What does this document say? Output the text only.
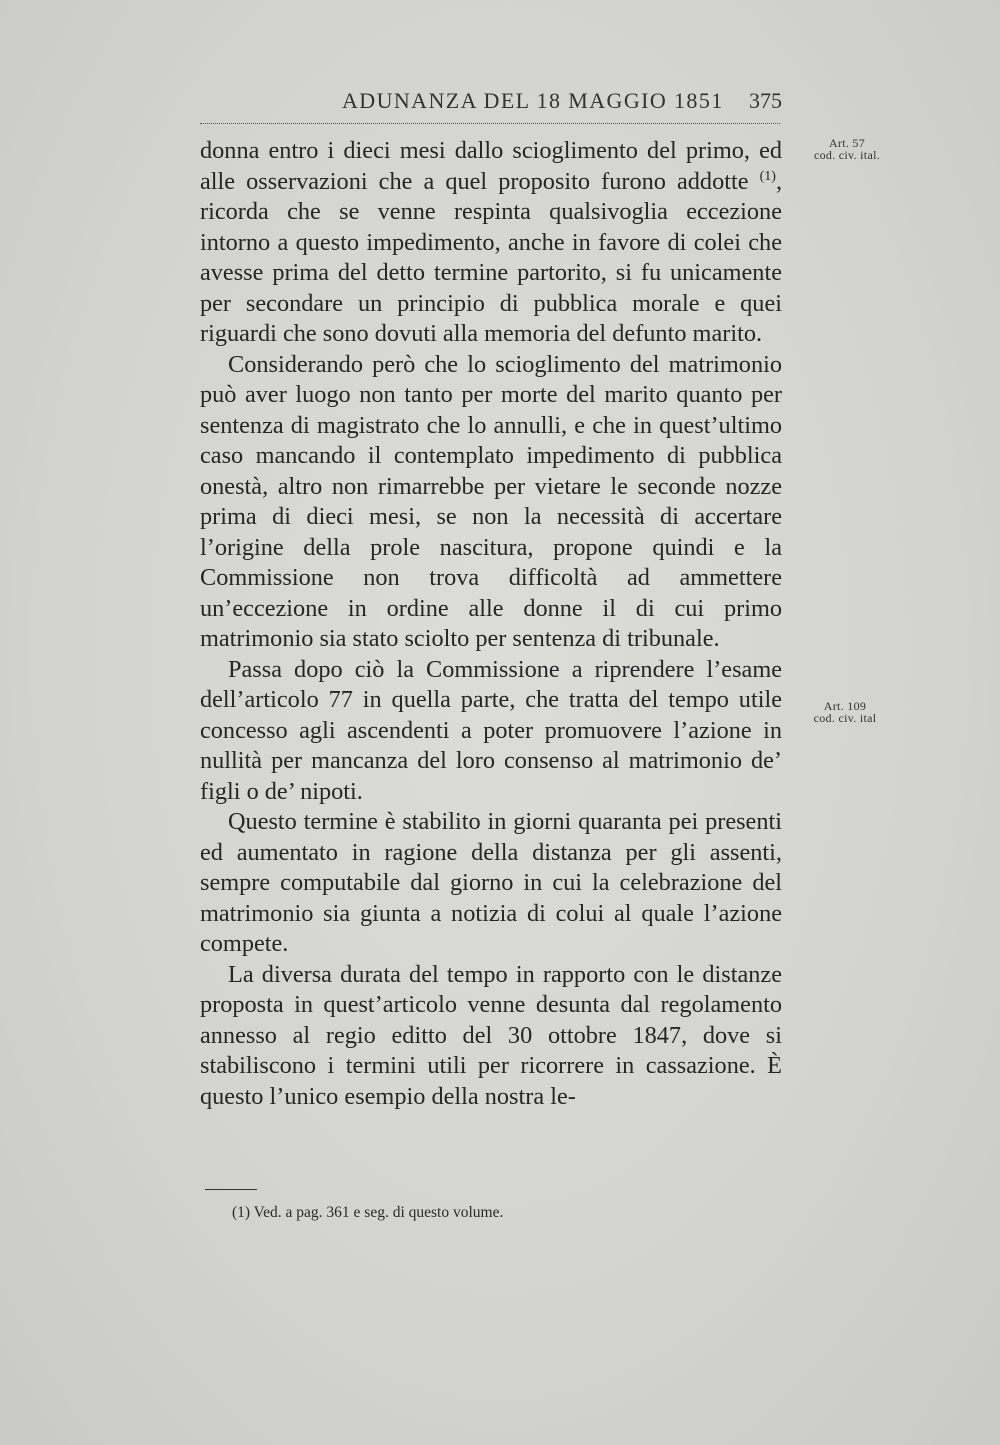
ADUNANZA DEL 18 MAGGIO 1851 375
Art. 57
cod. civ. ital.
Art. 109
cod. civ. ital

donna entro i dieci mesi dallo scioglimento del primo, ed alle osservazioni che a quel proposito furono addotte $^{(1)}$, ricorda che se venne respinta qualsivoglia eccezione intorno a questo impedimento, anche in favore di colei che avesse prima del detto termine partorito, si fu unicamente per secondare un principio di pubblica morale e quei riguardi che sono dovuti alla memoria del defunto marito.

Considerando però che lo scioglimento del matrimonio può aver luogo non tanto per morte del marito quanto per sentenza di magistrato che lo annulli, e che in quest’ultimo caso mancando il contemplato impedimento di pubblica onestà, altro non rimarrebbe per vietare le seconde nozze prima di dieci mesi, se non la necessità di accertare l’origine della prole nascitura, propone quindi e la Commissione non trova difficoltà ad ammettere un’eccezione in ordine alle donne il di cui primo matrimonio sia stato sciolto per sentenza di tribunale.

Passa dopo ciò la Commissione a riprendere l’esame dell’articolo 77 in quella parte, che tratta del tempo utile concesso agli ascendenti a poter promuovere l’azione in nullità per mancanza del loro consenso al matrimonio de’ figli o de’ nipoti.

Questo termine è stabilito in giorni quaranta pei presenti ed aumentato in ragione della distanza per gli assenti, sempre computabile dal giorno in cui la celebrazione del matrimonio sia giunta a notizia di colui al quale l’azione compete.

La diversa durata del tempo in rapporto con le distanze proposta in quest’articolo venne desunta dal regolamento annesso al regio editto del 30 ottobre 1847, dove si stabiliscono i termini utili per ricorrere in cassazione. È questo l’unico esempio della nostra le-

(1) Ved. a pag. 361 e seg. di questo volume.
